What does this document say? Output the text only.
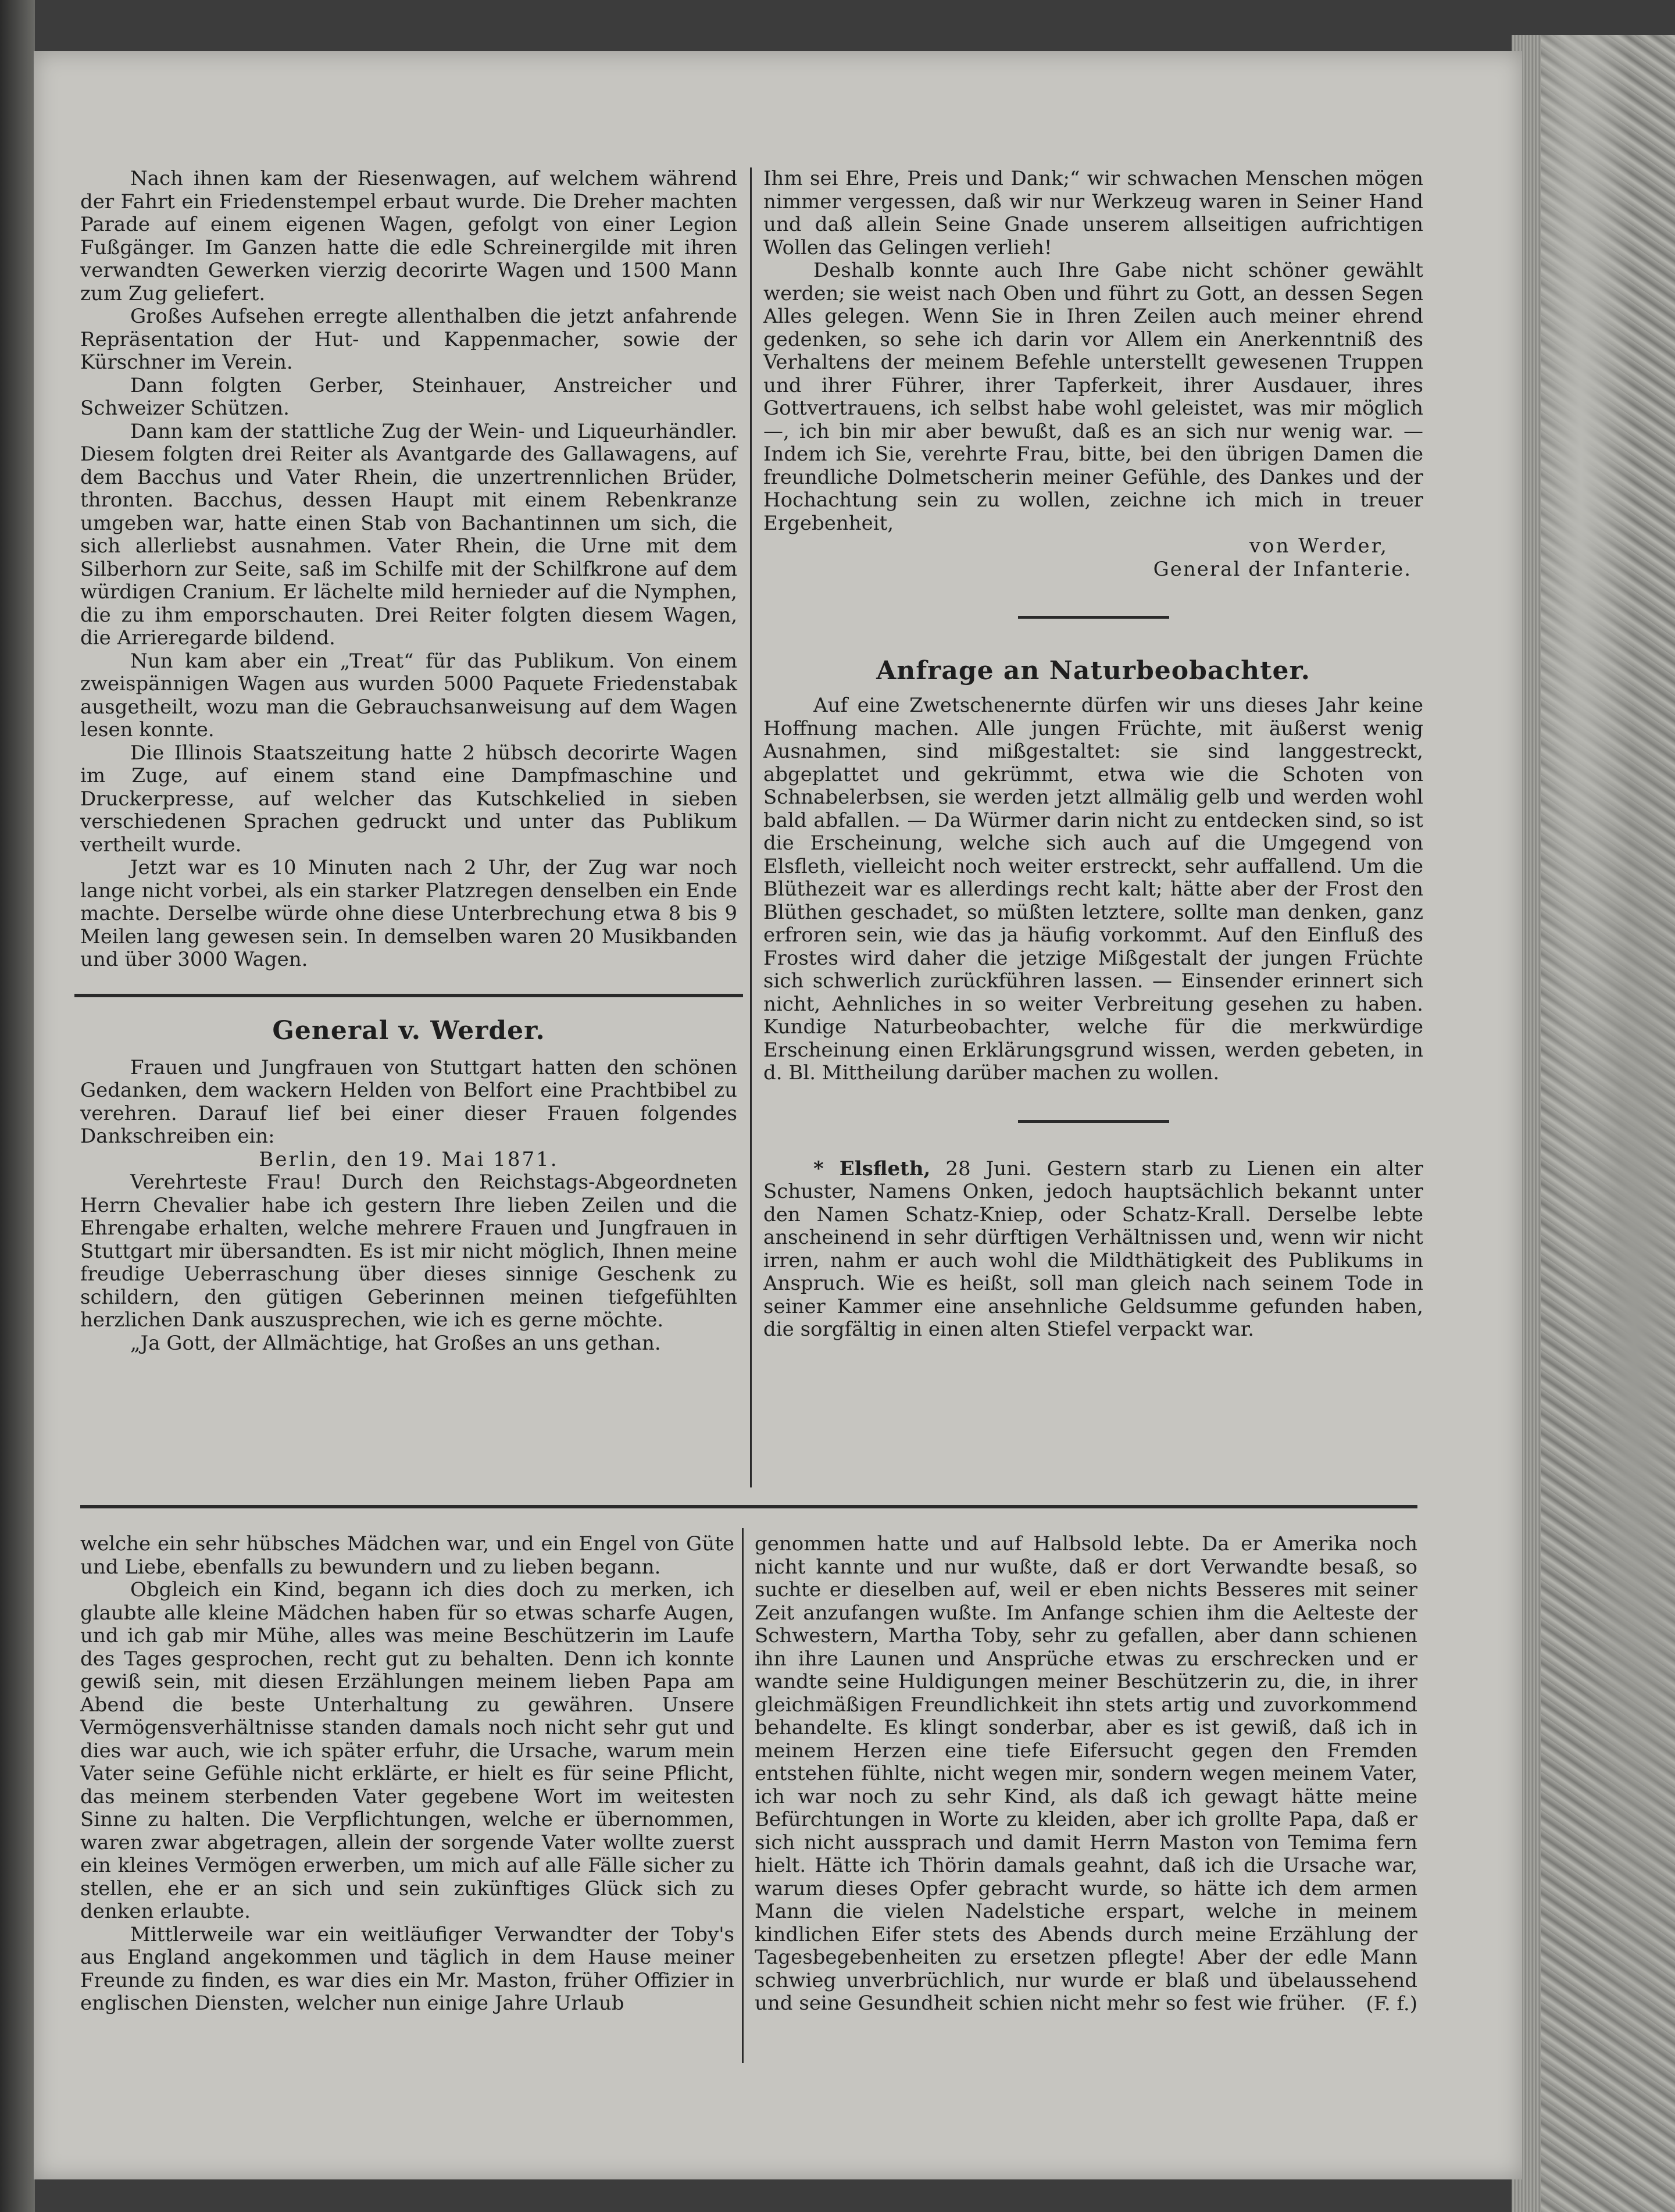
Nach ihnen kam der Riesenwagen, auf welchem während der Fahrt ein Friedenstempel erbaut wurde. Die Dreher machten Parade auf einem eigenen Wagen, gefolgt von einer Legion Fußgänger. Im Ganzen hatte die edle Schreinergilde mit ihren verwandten Gewerken vierzig decorirte Wagen und 1500 Mann zum Zug geliefert.

Großes Aufsehen erregte allenthalben die jetzt anfahrende Repräsentation der Hut- und Kappenmacher, sowie der Kürschner im Verein.

Dann folgten Gerber, Steinhauer, Anstreicher und Schweizer Schützen.

Dann kam der stattliche Zug der Wein- und Liqueurhändler. Diesem folgten drei Reiter als Avantgarde des Gallawagens, auf dem Bacchus und Vater Rhein, die unzertrennlichen Brüder, thronten. Bacchus, dessen Haupt mit einem Rebenkranze umgeben war, hatte einen Stab von Bachantinnen um sich, die sich allerliebst ausnahmen. Vater Rhein, die Urne mit dem Silberhorn zur Seite, saß im Schilfe mit der Schilfkrone auf dem würdigen Cranium. Er lächelte mild hernieder auf die Nymphen, die zu ihm emporschauten. Drei Reiter folgten diesem Wagen, die Arrieregarde bildend.

Nun kam aber ein „Treat“ für das Publikum. Von einem zweispännigen Wagen aus wurden 5000 Paquete Friedenstabak ausgetheilt, wozu man die Gebrauchsanweisung auf dem Wagen lesen konnte.

Die Illinois Staatszeitung hatte 2 hübsch decorirte Wagen im Zuge, auf einem stand eine Dampfmaschine und Druckerpresse, auf welcher das Kutschkelied in sieben verschiedenen Sprachen gedruckt und unter das Publikum vertheilt wurde.

Jetzt war es 10 Minuten nach 2 Uhr, der Zug war noch lange nicht vorbei, als ein starker Platzregen denselben ein Ende machte. Derselbe würde ohne diese Unterbrechung etwa 8 bis 9 Meilen lang gewesen sein. In demselben waren 20 Musikbanden und über 3000 Wagen.

General v. Werder.

Frauen und Jungfrauen von Stuttgart hatten den schönen Gedanken, dem wackern Helden von Belfort eine Prachtbibel zu verehren. Darauf lief bei einer dieser Frauen folgendes Dankschreiben ein:

Berlin, den 19. Mai 1871.

Verehrteste Frau! Durch den Reichstags-Abgeordneten Herrn Chevalier habe ich gestern Ihre lieben Zeilen und die Ehrengabe erhalten, welche mehrere Frauen und Jungfrauen in Stuttgart mir übersandten. Es ist mir nicht möglich, Ihnen meine freudige Ueberraschung über dieses sinnige Geschenk zu schildern, den gütigen Geberinnen meinen tiefgefühlten herzlichen Dank auszusprechen, wie ich es gerne möchte.

„Ja Gott, der Allmächtige, hat Großes an uns gethan.

Ihm sei Ehre, Preis und Dank;“ wir schwachen Menschen mögen nimmer vergessen, daß wir nur Werkzeug waren in Seiner Hand und daß allein Seine Gnade unserem allseitigen aufrichtigen Wollen das Gelingen verlieh!

Deshalb konnte auch Ihre Gabe nicht schöner gewählt werden; sie weist nach Oben und führt zu Gott, an dessen Segen Alles gelegen. Wenn Sie in Ihren Zeilen auch meiner ehrend gedenken, so sehe ich darin vor Allem ein Anerkenntniß des Verhaltens der meinem Befehle unterstellt gewesenen Truppen und ihrer Führer, ihrer Tapferkeit, ihrer Ausdauer, ihres Gottvertrauens, ich selbst habe wohl geleistet, was mir möglich —, ich bin mir aber bewußt, daß es an sich nur wenig war. — Indem ich Sie, verehrte Frau, bitte, bei den übrigen Damen die freundliche Dolmetscherin meiner Gefühle, des Dankes und der Hochachtung sein zu wollen, zeichne ich mich in treuer Ergebenheit,

von Werder,

General der Infanterie.

Anfrage an Naturbeobachter.

Auf eine Zwetschenernte dürfen wir uns dieses Jahr keine Hoffnung machen. Alle jungen Früchte, mit äußerst wenig Ausnahmen, sind mißgestaltet: sie sind langgestreckt, abgeplattet und gekrümmt, etwa wie die Schoten von Schnabelerbsen, sie werden jetzt allmälig gelb und werden wohl bald abfallen. — Da Würmer darin nicht zu entdecken sind, so ist die Erscheinung, welche sich auch auf die Umgegend von Elsfleth, vielleicht noch weiter erstreckt, sehr auffallend. Um die Blüthezeit war es allerdings recht kalt; hätte aber der Frost den Blüthen geschadet, so müßten letztere, sollte man denken, ganz erfroren sein, wie das ja häufig vorkommt. Auf den Einfluß des Frostes wird daher die jetzige Mißgestalt der jungen Früchte sich schwerlich zurückführen lassen. — Einsender erinnert sich nicht, Aehnliches in so weiter Verbreitung gesehen zu haben. Kundige Naturbeobachter, welche für die merkwürdige Erscheinung einen Erklärungsgrund wissen, werden gebeten, in d. Bl. Mittheilung darüber machen zu wollen.

* Elsfleth, 28 Juni. Gestern starb zu Lienen ein alter Schuster, Namens Onken, jedoch hauptsächlich bekannt unter den Namen Schatz-Kniep, oder Schatz-Krall. Derselbe lebte anscheinend in sehr dürftigen Verhältnissen und, wenn wir nicht irren, nahm er auch wohl die Mildthätigkeit des Publikums in Anspruch. Wie es heißt, soll man gleich nach seinem Tode in seiner Kammer eine ansehnliche Geldsumme gefunden haben, die sorgfältig in einen alten Stiefel verpackt war.

welche ein sehr hübsches Mädchen war, und ein Engel von Güte und Liebe, ebenfalls zu bewundern und zu lieben begann.

Obgleich ein Kind, begann ich dies doch zu merken, ich glaubte alle kleine Mädchen haben für so etwas scharfe Augen, und ich gab mir Mühe, alles was meine Beschützerin im Laufe des Tages gesprochen, recht gut zu behalten. Denn ich konnte gewiß sein, mit diesen Erzählungen meinem lieben Papa am Abend die beste Unterhaltung zu gewähren. Unsere Vermögensverhältnisse standen damals noch nicht sehr gut und dies war auch, wie ich später erfuhr, die Ursache, warum mein Vater seine Gefühle nicht erklärte, er hielt es für seine Pflicht, das meinem sterbenden Vater gegebene Wort im weitesten Sinne zu halten. Die Verpflichtungen, welche er übernommen, waren zwar abgetragen, allein der sorgende Vater wollte zuerst ein kleines Vermögen erwerben, um mich auf alle Fälle sicher zu stellen, ehe er an sich und sein zukünftiges Glück sich zu denken erlaubte.

Mittlerweile war ein weitläufiger Verwandter der Toby's aus England angekommen und täglich in dem Hause meiner Freunde zu finden, es war dies ein Mr. Maston, früher Offizier in englischen Diensten, welcher nun einige Jahre Urlaub

genommen hatte und auf Halbsold lebte. Da er Amerika noch nicht kannte und nur wußte, daß er dort Verwandte besaß, so suchte er dieselben auf, weil er eben nichts Besseres mit seiner Zeit anzufangen wußte. Im Anfange schien ihm die Aelteste der Schwestern, Martha Toby, sehr zu gefallen, aber dann schienen ihn ihre Launen und Ansprüche etwas zu erschrecken und er wandte seine Huldigungen meiner Beschützerin zu, die, in ihrer gleichmäßigen Freundlichkeit ihn stets artig und zuvorkommend behandelte. Es klingt sonderbar, aber es ist gewiß, daß ich in meinem Herzen eine tiefe Eifersucht gegen den Fremden entstehen fühlte, nicht wegen mir, sondern wegen meinem Vater, ich war noch zu sehr Kind, als daß ich gewagt hätte meine Befürchtungen in Worte zu kleiden, aber ich grollte Papa, daß er sich nicht aussprach und damit Herrn Maston von Temima fern hielt. Hätte ich Thörin damals geahnt, daß ich die Ursache war, warum dieses Opfer gebracht wurde, so hätte ich dem armen Mann die vielen Nadelstiche erspart, welche in meinem kindlichen Eifer stets des Abends durch meine Erzählung der Tagesbegebenheiten zu ersetzen pflegte! Aber der edle Mann schwieg unverbrüchlich, nur wurde er blaß und übelaussehend und seine Gesundheit schien nicht mehr so fest wie früher.	(F. f.)
